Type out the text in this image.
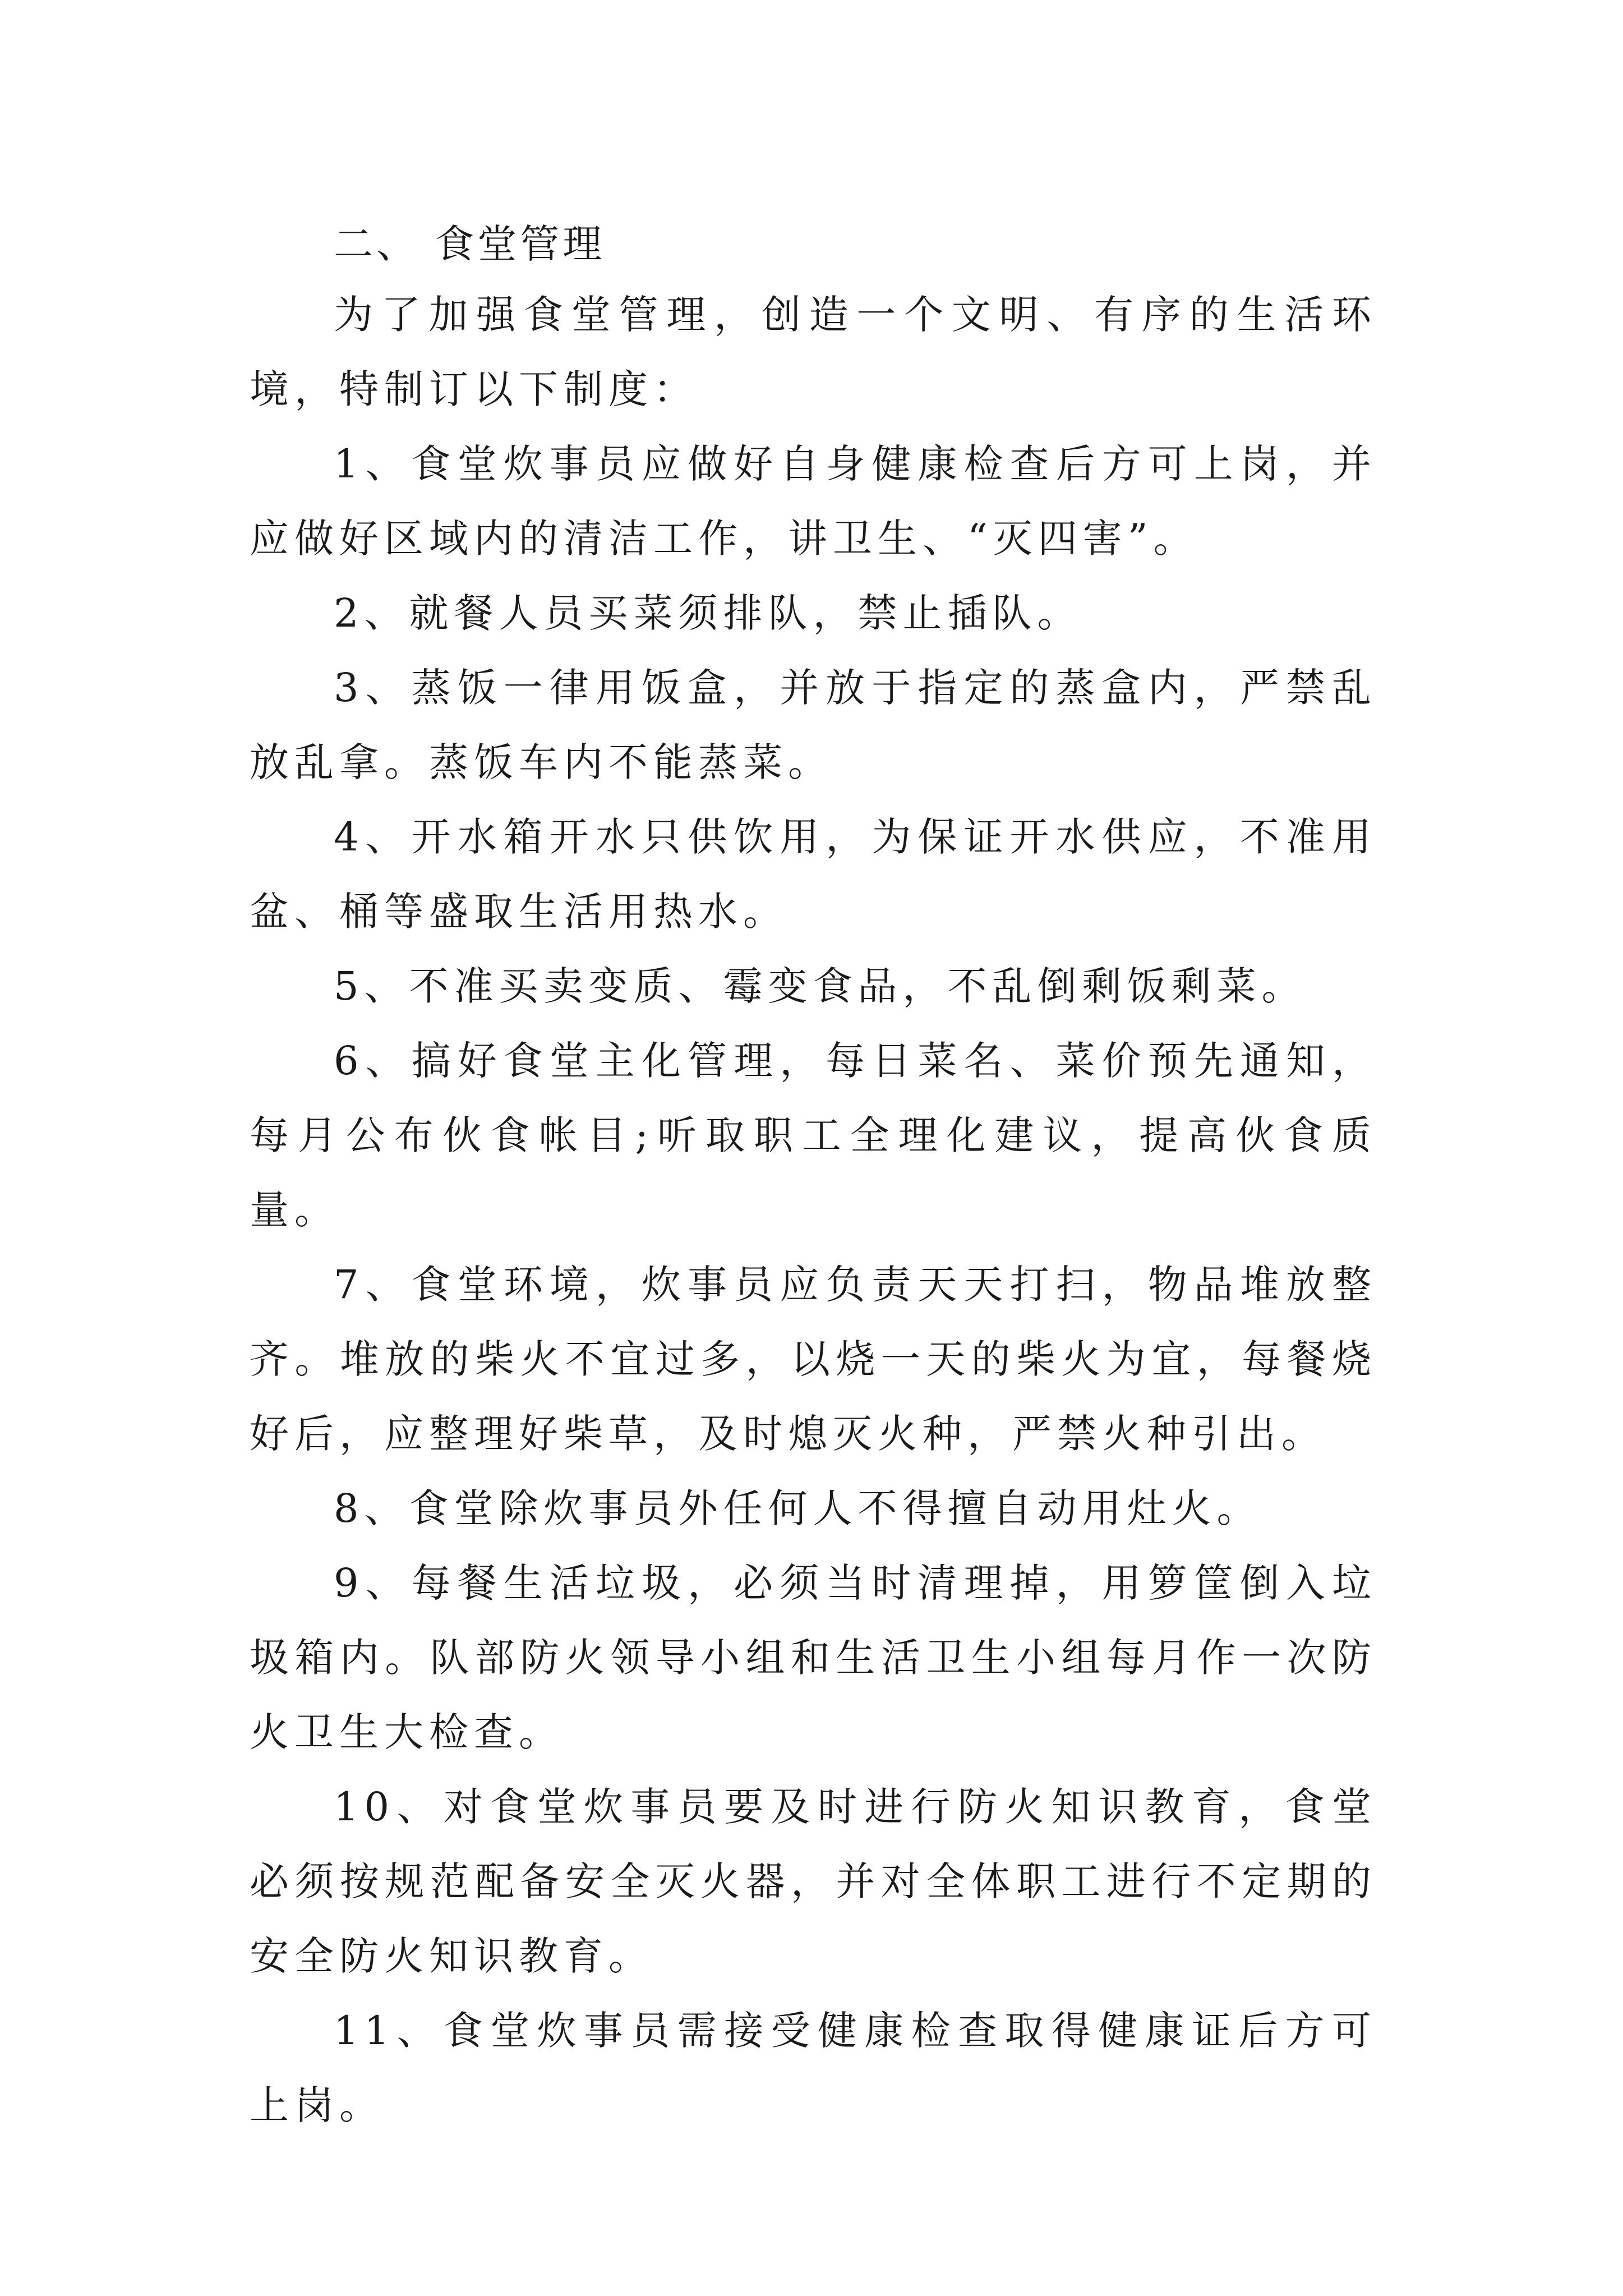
二、 食堂管理

为了加强食堂管理，创造一个文明、有序的生活环境，特制订以下制度：

1、食堂炊事员应做好自身健康检查后方可上岗，并应做好区域内的清洁工作，讲卫生、“灭四害”。

2、就餐人员买菜须排队，禁止插队。

3、蒸饭一律用饭盒，并放于指定的蒸盒内，严禁乱放乱拿。蒸饭车内不能蒸菜。

4、开水箱开水只供饮用，为保证开水供应，不准用盆、桶等盛取生活用热水。

5、不准买卖变质、霉变食品，不乱倒剩饭剩菜。

6、搞好食堂主化管理，每日菜名、菜价预先通知，每月公布伙食帐目;听取职工全理化建议，提高伙食质量。

7、食堂环境，炊事员应负责天天打扫，物品堆放整齐。堆放的柴火不宜过多，以烧一天的柴火为宜，每餐烧好后，应整理好柴草，及时熄灭火种，严禁火种引出。

8、食堂除炊事员外任何人不得擅自动用灶火。

9、每餐生活垃圾，必须当时清理掉，用箩筐倒入垃圾箱内。队部防火领导小组和生活卫生小组每月作一次防火卫生大检查。

10、对食堂炊事员要及时进行防火知识教育，食堂必须按规范配备安全灭火器，并对全体职工进行不定期的安全防火知识教育。

11、食堂炊事员需接受健康检查取得健康证后方可上岗。
